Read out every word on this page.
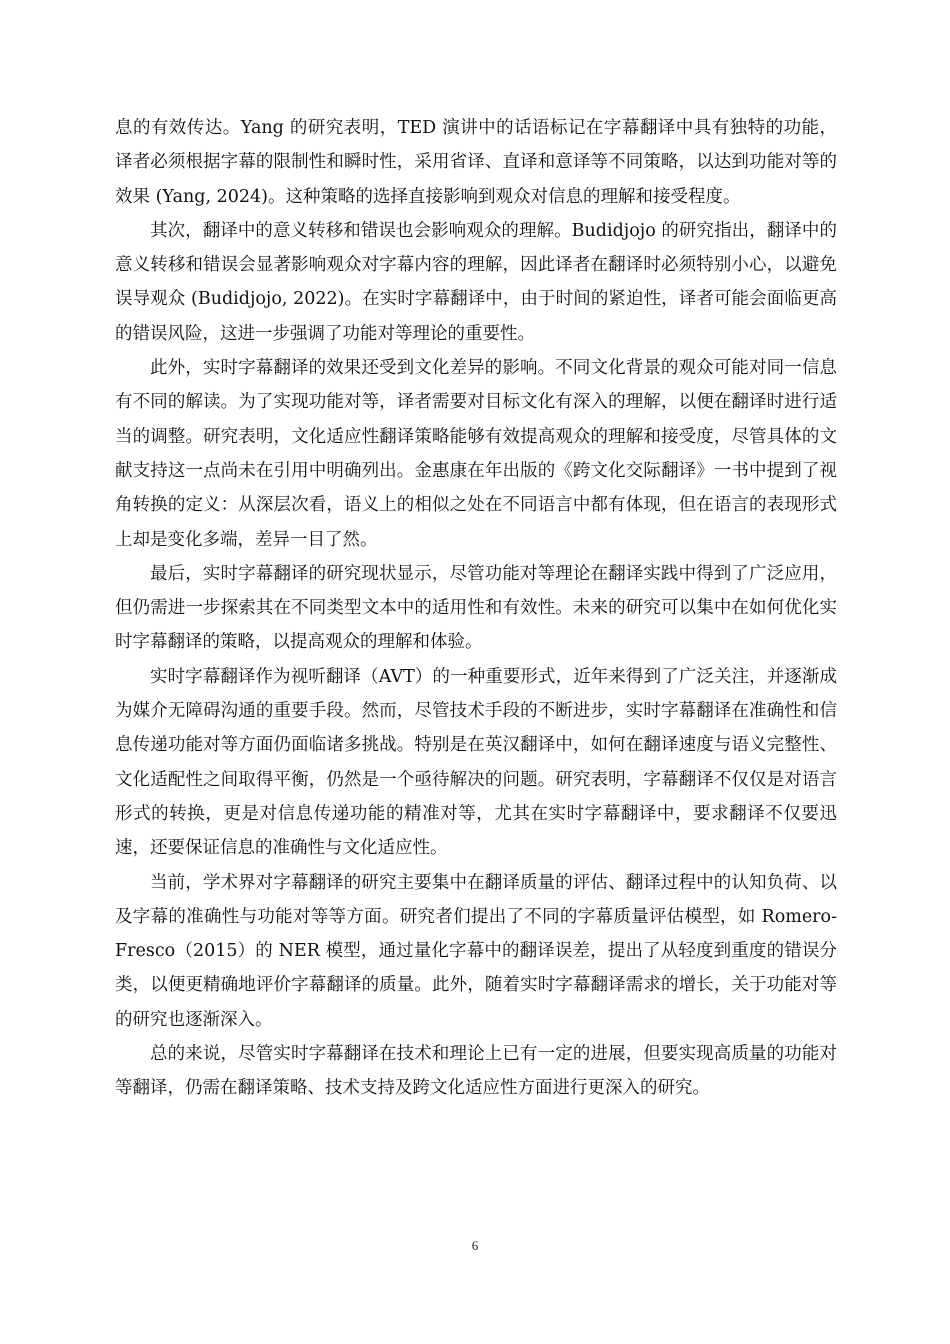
息的有效传达。Yang 的研究表明，TED 演讲中的话语标记在字幕翻译中具有独特的功能，译者必须根据字幕的限制性和瞬时性，采用省译、直译和意译等不同策略，以达到功能对等的效果 (Yang, 2024)。这种策略的选择直接影响到观众对信息的理解和接受程度。

其次，翻译中的意义转移和错误也会影响观众的理解。Budidjojo 的研究指出，翻译中的意义转移和错误会显著影响观众对字幕内容的理解，因此译者在翻译时必须特别小心，以避免误导观众 (Budidjojo, 2022)。在实时字幕翻译中，由于时间的紧迫性，译者可能会面临更高的错误风险，这进一步强调了功能对等理论的重要性。

此外，实时字幕翻译的效果还受到文化差异的影响。不同文化背景的观众可能对同一信息有不同的解读。为了实现功能对等，译者需要对目标文化有深入的理解，以便在翻译时进行适当的调整。研究表明，文化适应性翻译策略能够有效提高观众的理解和接受度，尽管具体的文献支持这一点尚未在引用中明确列出。金惠康在年出版的《跨文化交际翻译》一书中提到了视角转换的定义：从深层次看，语义上的相似之处在不同语言中都有体现，但在语言的表现形式上却是变化多端，差异一目了然。

最后，实时字幕翻译的研究现状显示，尽管功能对等理论在翻译实践中得到了广泛应用，但仍需进一步探索其在不同类型文本中的适用性和有效性。未来的研究可以集中在如何优化实时字幕翻译的策略，以提高观众的理解和体验。

实时字幕翻译作为视听翻译（AVT）的一种重要形式，近年来得到了广泛关注，并逐渐成为媒介无障碍沟通的重要手段。然而，尽管技术手段的不断进步，实时字幕翻译在准确性和信息传递功能对等方面仍面临诸多挑战。特别是在英汉翻译中，如何在翻译速度与语义完整性、文化适配性之间取得平衡，仍然是一个亟待解决的问题。研究表明，字幕翻译不仅仅是对语言形式的转换，更是对信息传递功能的精准对等，尤其在实时字幕翻译中，要求翻译不仅要迅速，还要保证信息的准确性与文化适应性。

当前，学术界对字幕翻译的研究主要集中在翻译质量的评估、翻译过程中的认知负荷、以及字幕的准确性与功能对等等方面。研究者们提出了不同的字幕质量评估模型，如 Romero-Fresco（2015）的 NER 模型，通过量化字幕中的翻译误差，提出了从轻度到重度的错误分类，以便更精确地评价字幕翻译的质量。此外，随着实时字幕翻译需求的增长，关于功能对等的研究也逐渐深入。

总的来说，尽管实时字幕翻译在技术和理论上已有一定的进展，但要实现高质量的功能对等翻译，仍需在翻译策略、技术支持及跨文化适应性方面进行更深入的研究。

6
